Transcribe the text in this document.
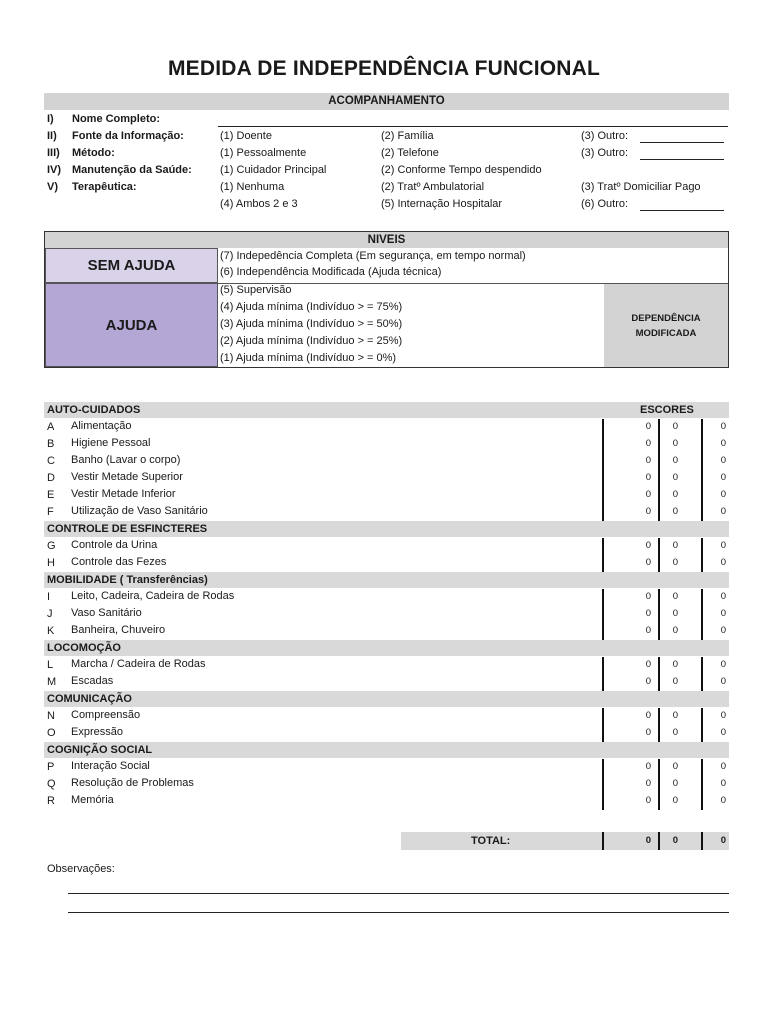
MEDIDA DE INDEPENDÊNCIA FUNCIONAL
ACOMPANHAMENTO
I) Nome Completo:
II) Fonte da Informação:	(1) Doente	(2) Família	(3) Outro:
III) Método:	(1) Pessoalmente	(2) Telefone	(3) Outro:
IV) Manutenção da Saúde:	(1) Cuidador Principal	(2) Conforme Tempo despendido
V) Terapêutica:	(1) Nenhuma	(2) Tratº Ambulatorial	(3) Tratº Domiciliar Pago
(4) Ambos 2 e 3	(5) Internação Hospitalar	(6) Outro:
NIVEIS
SEM AJUDA
AJUDA	DEPENDÊNCIA
MODIFICADA
(7) Indepedência Completa (Em segurança, em tempo normal)
(6) Independência Modificada (Ajuda técnica)
(5) Supervisão
(4) Ajuda mínima (Indivíduo > = 75%)
(3) Ajuda mínima (Indivíduo > = 50%)
(2) Ajuda mínima (Indivíduo > = 25%)
(1) Ajuda mínima (Indivíduo > = 0%)
AUTO-CUIDADOS	ESCORES
A Alimentação	0	0	0
B Higiene Pessoal	0	0	0
C Banho (Lavar o corpo)	0	0	0
D Vestir Metade Superior	0	0	0
E Vestir Metade Inferior	0	0	0
F Utilização de Vaso Sanitário	0	0	0
CONTROLE DE ESFINCTERES
G Controle da Urina	0	0	0
H Controle das Fezes	0	0	0
MOBILIDADE ( Transferências)
I Leito, Cadeira, Cadeira de Rodas	0	0	0
J Vaso Sanitário	0	0	0
K Banheira, Chuveiro	0	0	0
LOCOMOÇÃO
L Marcha / Cadeira de Rodas	0	0	0
M Escadas	0	0	0
COMUNICAÇÃO
N Compreensão	0	0	0
O Expressão	0	0	0
COGNIÇÃO SOCIAL
P Interação Social	0	0	0
Q Resolução de Problemas	0	0	0
R Memória	0	0	0
TOTAL:	0	0	0
Observações:
